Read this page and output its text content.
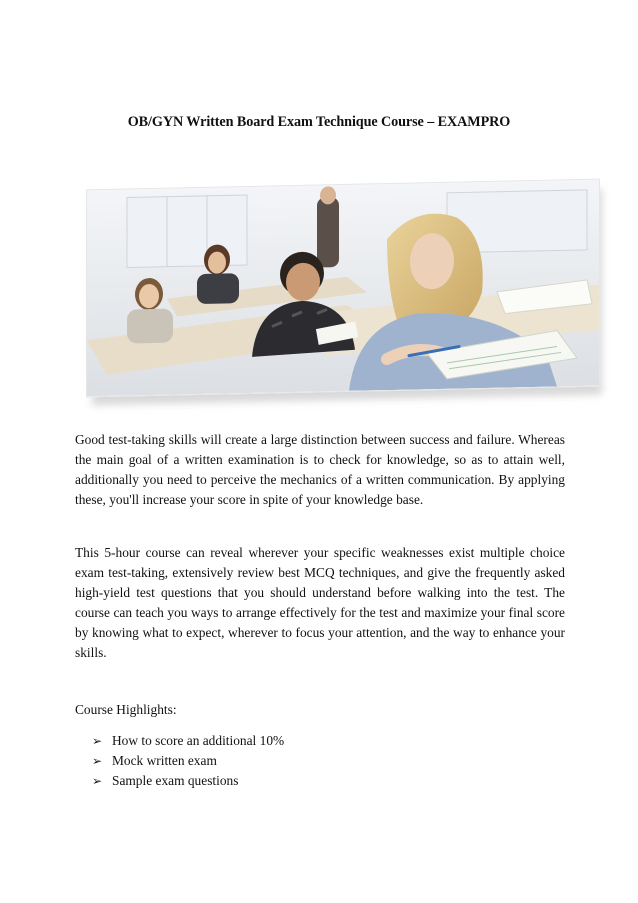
OB/GYN Written Board Exam Technique Course – EXAMPRO
Good test-taking skills will create a large distinction between success and failure. Whereas the main goal of a written examination is to check for knowledge, so as to attain well, additionally you need to perceive the mechanics of a written communication. By applying these, you'll increase your score in spite of your knowledge base.
This 5-hour course can reveal wherever your specific weaknesses exist multiple choice exam test-taking, extensively review best MCQ techniques, and give the frequently asked high-yield test questions that you should understand before walking into the test. The course can teach you ways to arrange effectively for the test and maximize your final score by knowing what to expect, wherever to focus your attention, and the way to enhance your skills.
Course Highlights:
➢ How to score an additional 10%
➢ Mock written exam
➢ Sample exam questions
